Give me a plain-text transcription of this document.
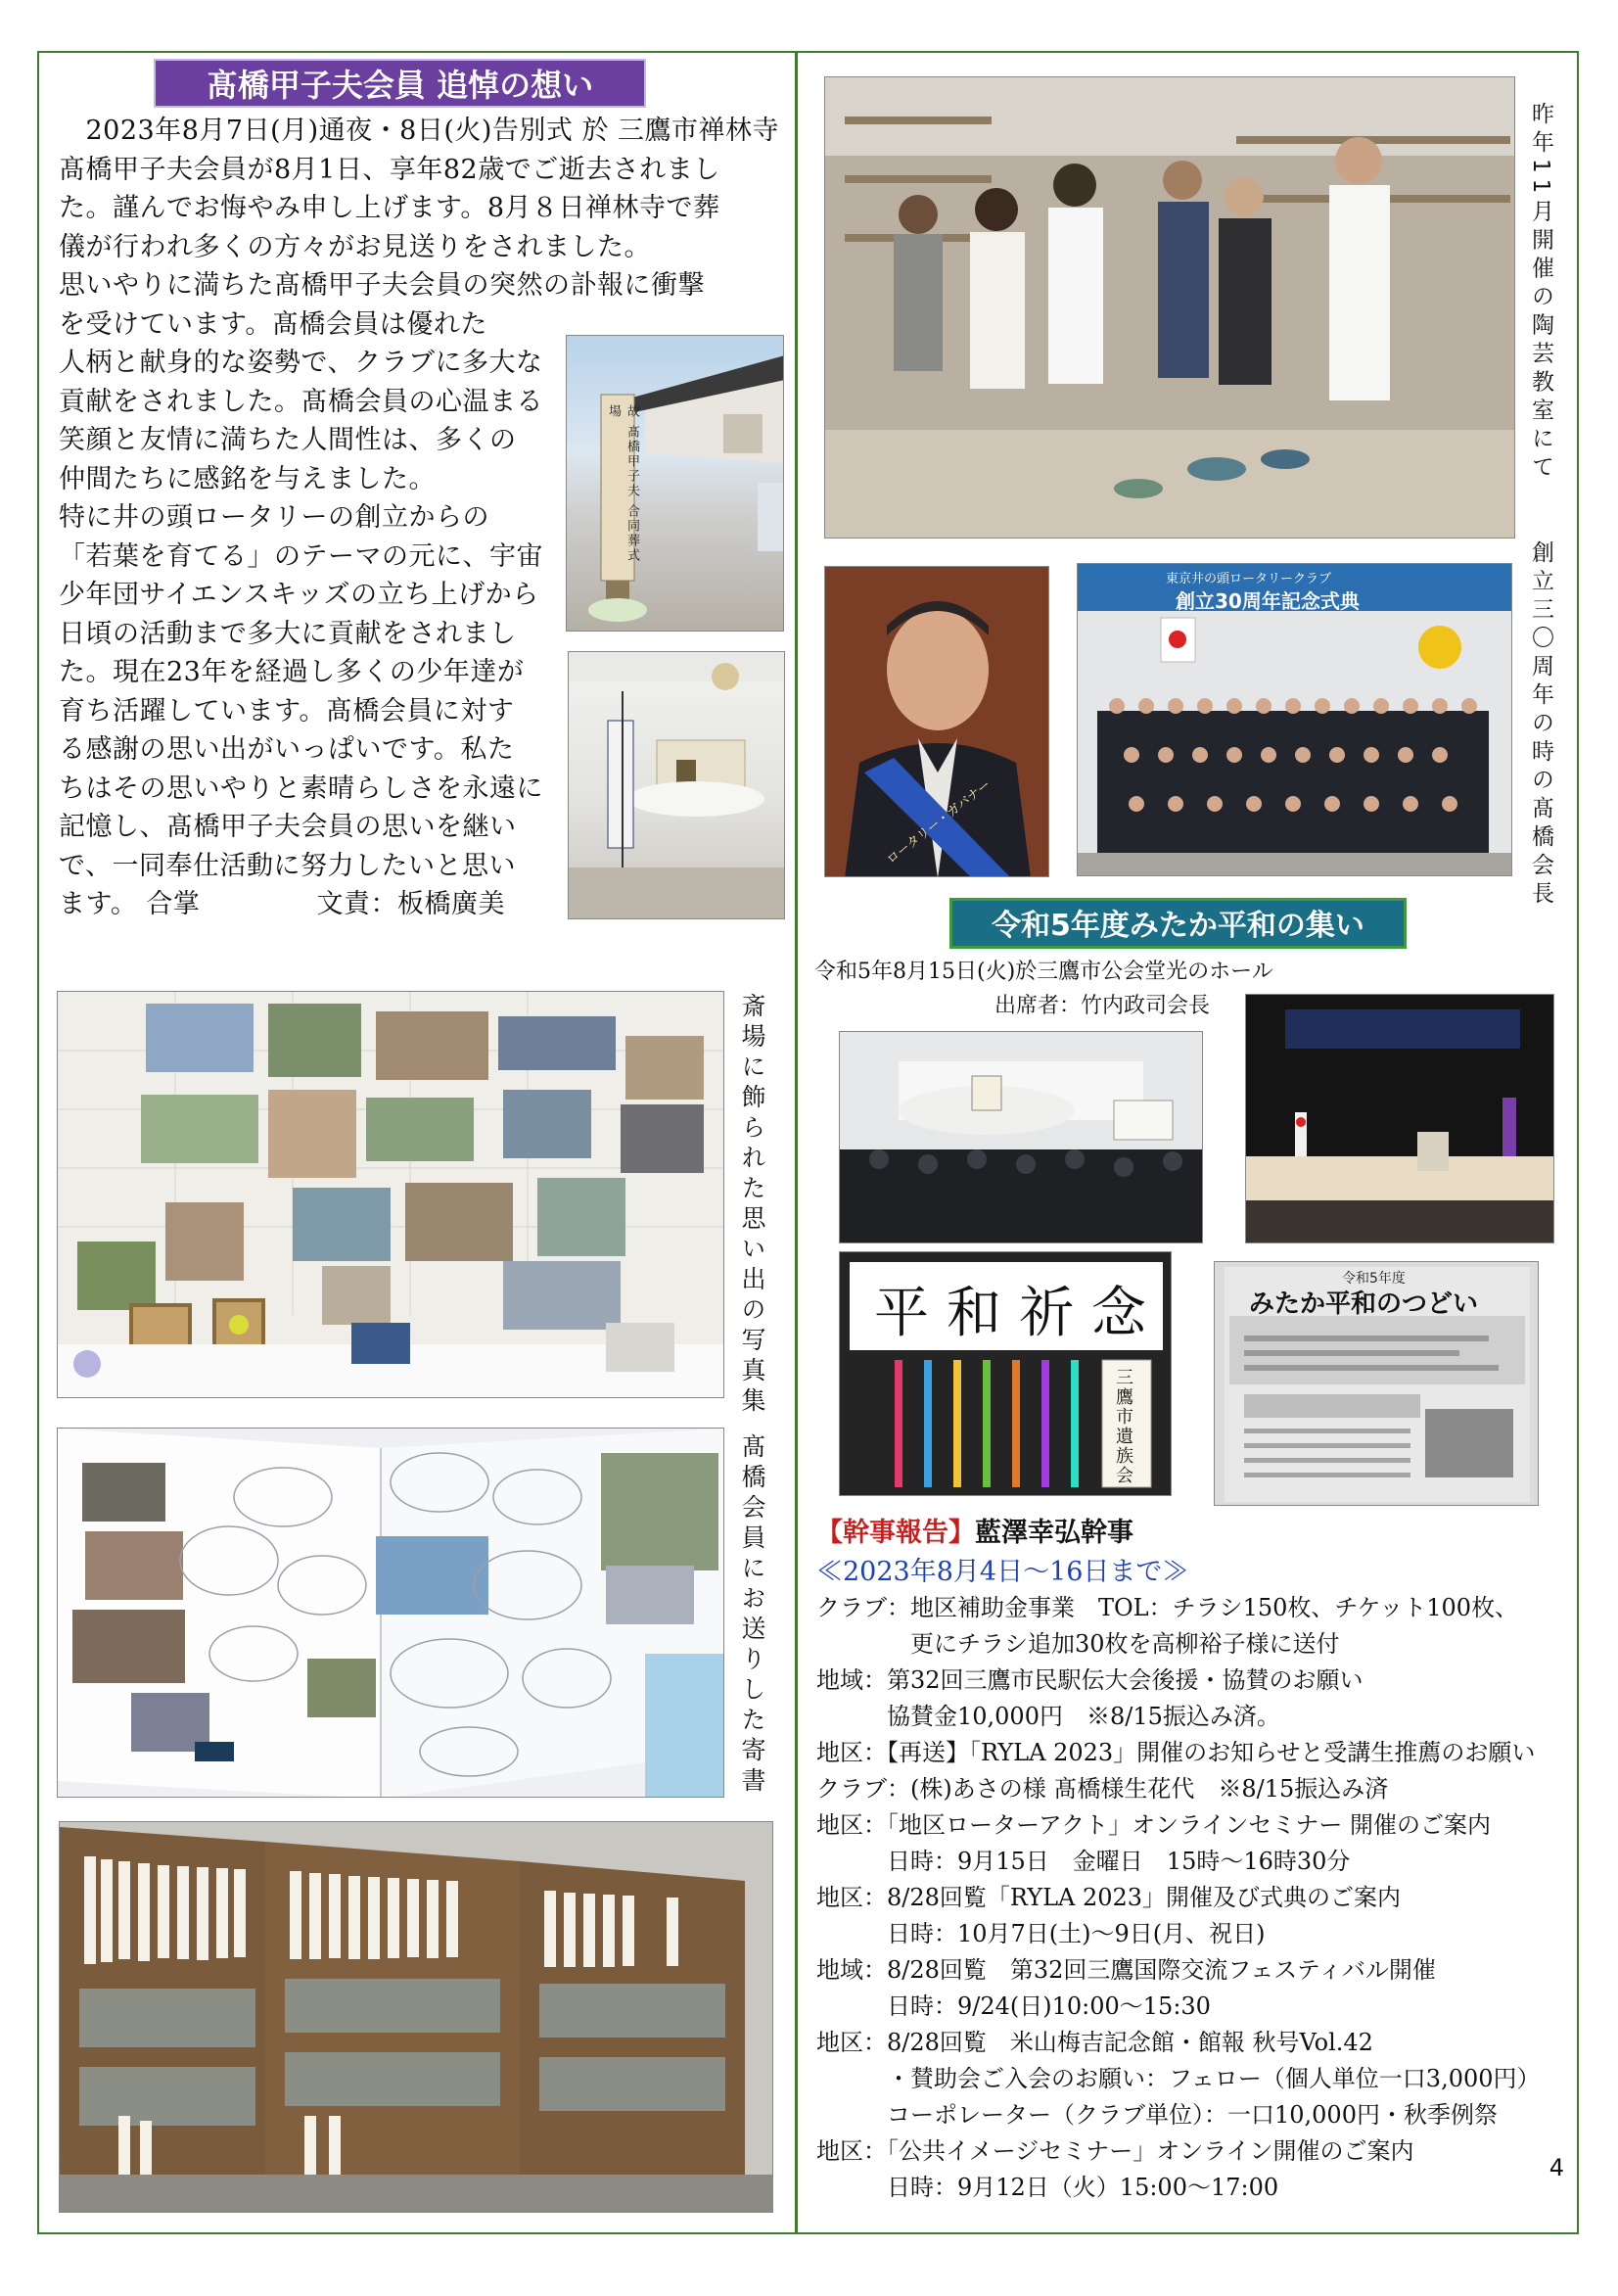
髙橋甲子夫会員 追悼の想い
　2023年8月7日(月)通夜・8日(火)告別式 於 三鷹市禅林寺
髙橋甲子夫会員が8月1日、享年82歳でご逝去されまし
た。謹んでお悔やみ申し上げます。8月８日禅林寺で葬
儀が行われ多くの方々がお見送りをされました。
思いやりに満ちた髙橋甲子夫会員の突然の訃報に衝撃
を受けています。髙橋会員は優れた
人柄と献身的な姿勢で、クラブに多大な
貢献をされました。髙橋会員の心温まる
笑顔と友情に満ちた人間性は、多くの
仲間たちに感銘を与えました。
特に井の頭ロータリーの創立からの
「若葉を育てる」のテーマの元に、宇宙
少年団サイエンスキッズの立ち上げから
日頃の活動まで多大に貢献をされまし
た。現在23年を経過し多くの少年達が
育ち活躍しています。髙橋会員に対す
る感謝の思い出がいっぱいです。私た
ちはその思いやりと素晴らしさを永遠に
記憶し、髙橋甲子夫会員の思いを継い
で、一同奉仕活動に努力したいと思い
ます。 合掌　　　　 文責：板橋廣美
故 髙橋甲子夫 合同葬式場
斎場に飾られた思い出の写真集
髙橋会員にお送りした寄書
昨年11月開催の陶芸教室にて
ロータリー・ガバナー
東京井の頭ロータリークラブ
創立30周年記念式典	創立三〇周年の時の髙橋会長
令和5年度みたか平和の集い
令和5年8月15日(火)於三鷹市公会堂光のホール
出席者：竹内政司会長
平和祈念
三鷹市遺族会
令和5年度
みたか平和のつどい
【幹事報告】藍澤幸弘幹事
≪2023年8月4日～16日まで≫
クラブ：地区補助金事業　TOL：チラシ150枚、チケット100枚、
　　　　更にチラシ追加30枚を高柳裕子様に送付
地域：第32回三鷹市民駅伝大会後援・協賛のお願い
　　　協賛金10,000円　※8/15振込み済。
地区：【再送】「RYLA 2023」開催のお知らせと受講生推薦のお願い
クラブ：(株)あさの様 髙橋様生花代　※8/15振込み済
地区：「地区ローターアクト」オンラインセミナー 開催のご案内
　　　日時：9月15日　金曜日　15時～16時30分
地区：8/28回覧「RYLA 2023」開催及び式典のご案内
　　　日時：10月7日(土)～9日(月、祝日)
地域：8/28回覧　第32回三鷹国際交流フェスティバル開催
　　　日時：9/24(日)10:00～15:30
地区：8/28回覧　米山梅吉記念館・館報 秋号Vol.42
　　　・賛助会ご入会のお願い：フェロー（個人単位一口3,000円）
　　　コーポレーター（クラブ単位）：一口10,000円・秋季例祭
地区：「公共イメージセミナー」オンライン開催のご案内
　　　日時：9月12日（火）15:00～17:00
4
